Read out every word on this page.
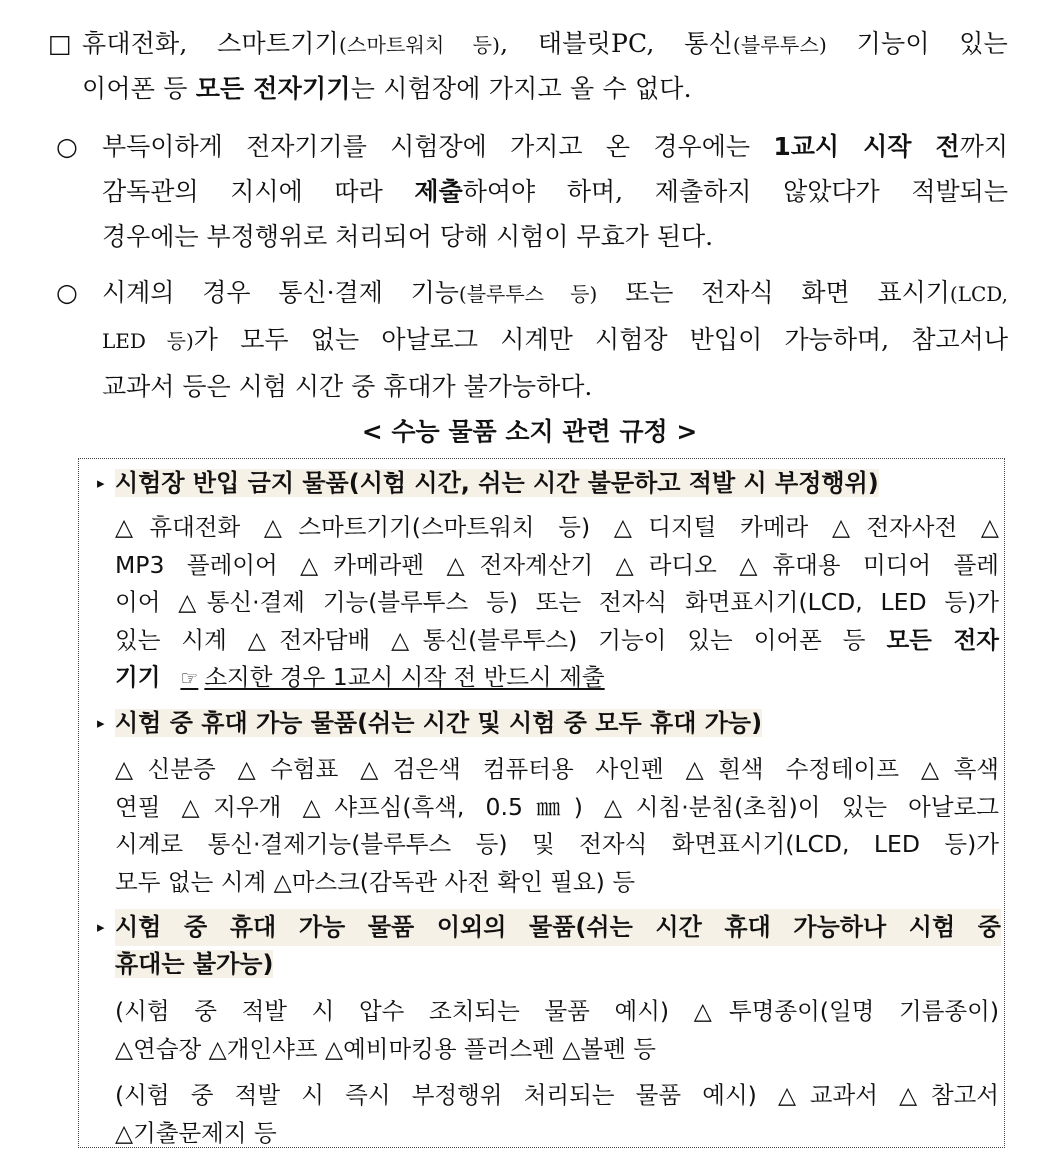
□ 휴대전화, 스마트기기(스마트워치 등), 태블릿PC, 통신(블루투스) 기능이 있는
이어폰 등 모든 전자기기는 시험장에 가지고 올 수 없다.
○ 부득이하게 전자기기를 시험장에 가지고 온 경우에는 1교시 시작 전까지
감독관의 지시에 따라 제출하여야 하며, 제출하지 않았다가 적발되는
경우에는 부정행위로 처리되어 당해 시험이 무효가 된다.
○ 시계의 경우 통신·결제 기능(블루투스 등) 또는 전자식 화면 표시기(LCD,
LED 등)가 모두 없는 아날로그 시계만 시험장 반입이 가능하며, 참고서나
교과서 등은 시험 시간 중 휴대가 불가능하다.
< 수능 물품 소지 관련 규정 >
▸ 시험장 반입 금지 물품(시험 시간, 쉬는 시간 불문하고 적발 시 부정행위)
△휴대전화 △스마트기기(스마트워치 등) △디지털 카메라 △전자사전 △
MP3 플레이어 △카메라펜 △전자계산기 △라디오 △휴대용 미디어 플레
이어 △통신·결제 기능(블루투스 등) 또는 전자식 화면표시기(LCD, LED 등)가
있는 시계 △전자담배 △통신(블루투스) 기능이 있는 이어폰 등 모든 전자
기기 ☞ 소지한 경우 1교시 시작 전 반드시 제출
▸ 시험 중 휴대 가능 물품(쉬는 시간 및 시험 중 모두 휴대 가능)
△신분증 △수험표 △검은색 컴퓨터용 사인펜 △흰색 수정테이프 △흑색
연필 △지우개 △샤프심(흑색, 0.5㎜) △시침·분침(초침)이 있는 아날로그
시계로 통신·결제기능(블루투스 등) 및 전자식 화면표시기(LCD, LED 등)가
모두 없는 시계 △마스크(감독관 사전 확인 필요) 등
▸ 시험 중 휴대 가능 물품 이외의 물품(쉬는 시간 휴대 가능하나 시험 중
휴대는 불가능)
(시험 중 적발 시 압수 조치되는 물품 예시) △투명종이(일명 기름종이)
△연습장 △개인샤프 △예비마킹용 플러스펜 △볼펜 등
(시험 중 적발 시 즉시 부정행위 처리되는 물품 예시) △교과서 △참고서
△기출문제지 등
